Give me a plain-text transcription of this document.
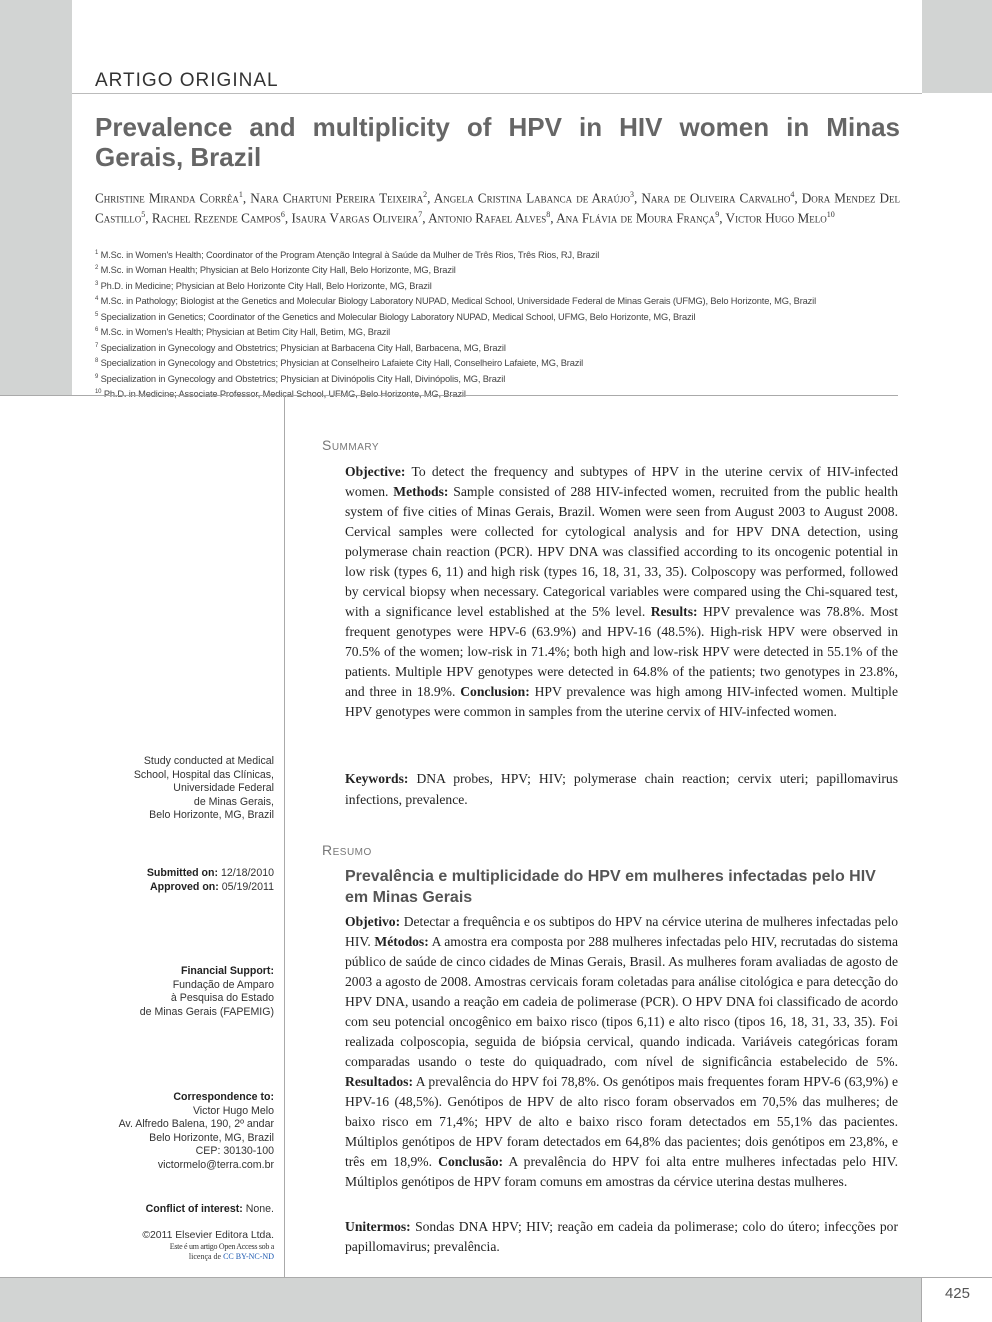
ARTIGO ORIGINAL
Prevalence and multiplicity of HPV in HIV women in Minas Gerais, Brazil
Christine Miranda Corrêa$^1$, Nara Chartuni Pereira Teixeira$^2$, Angela Cristina Labanca de Araújo$^3$, Nara de Oliveira Carvalho$^4$, Dora Mendez Del Castillo$^5$, Rachel Rezende Campos$^6$, Isaura Vargas Oliveira$^7$, Antonio Rafael Alves$^8$, Ana Flávia de Moura França$^9$, Victor Hugo Melo$^{10}$
$^1$ M.Sc. in Women's Health; Coordinator of the Program Atenção Integral à Saúde da Mulher de Três Rios, Três Rios, RJ, Brazil
$^2$ M.Sc. in Woman Health; Physician at Belo Horizonte City Hall, Belo Horizonte, MG, Brazil
$^3$ Ph.D. in Medicine; Physician at Belo Horizonte City Hall, Belo Horizonte, MG, Brazil
$^4$ M.Sc. in Pathology; Biologist at the Genetics and Molecular Biology Laboratory NUPAD, Medical School, Universidade Federal de Minas Gerais (UFMG), Belo Horizonte, MG, Brazil
$^5$ Specialization in Genetics; Coordinator of the Genetics and Molecular Biology Laboratory NUPAD, Medical School, UFMG, Belo Horizonte, MG, Brazil
$^6$ M.Sc. in Women's Health; Physician at Betim City Hall, Betim, MG, Brazil
$^7$ Specialization in Gynecology and Obstetrics; Physician at Barbacena City Hall, Barbacena, MG, Brazil
$^8$ Specialization in Gynecology and Obstetrics; Physician at Conselheiro Lafaiete City Hall, Conselheiro Lafaiete, MG, Brazil
$^9$ Specialization in Gynecology and Obstetrics; Physician at Divinópolis City Hall, Divinópolis, MG, Brazil
$^{10}$ Ph.D. in Medicine; Associate Professor, Medical School, UFMG, Belo Horizonte, MG, Brazil
Study conducted at Medical
School, Hospital das Clínicas,
Universidade Federal
de Minas Gerais,
Belo Horizonte, MG, Brazil
Submitted on: 12/18/2010
Approved on: 05/19/2011
Financial Support:
Fundação de Amparo
à Pesquisa do Estado
de Minas Gerais (FAPEMIG)
Correspondence to:
Victor Hugo Melo
Av. Alfredo Balena, 190, 2º andar
Belo Horizonte, MG, Brazil
CEP: 30130-100
victormelo@terra.com.br
Conflict of interest: None.
©2011 Elsevier Editora Ltda.
Este é um artigo Open Access sob a
licença de CC BY-NC-ND
Summary
Objective: To detect the frequency and subtypes of HPV in the uterine cervix of HIV-infected women. Methods: Sample consisted of 288 HIV-infected women, recruited from the public health system of five cities of Minas Gerais, Brazil. Women were seen from August 2003 to August 2008. Cervical samples were collected for cytological analysis and for HPV DNA detection, using polymerase chain reaction (PCR). HPV DNA was classified according to its oncogenic potential in low risk (types 6, 11) and high risk (types 16, 18, 31, 33, 35). Colposcopy was performed, followed by cervical biopsy when necessary. Categorical variables were compared using the Chi-squared test, with a significance level established at the 5% level. Results: HPV prevalence was 78.8%. Most frequent genotypes were HPV-6 (63.9%) and HPV-16 (48.5%). High-risk HPV were observed in 70.5% of the women; low-risk in 71.4%; both high and low-risk HPV were detected in 55.1% of the patients. Multiple HPV genotypes were detected in 64.8% of the patients; two genotypes in 23.8%, and three in 18.9%. Conclusion: HPV prevalence was high among HIV-infected women. Multiple HPV genotypes were common in samples from the uterine cervix of HIV-infected women.
Keywords: DNA probes, HPV; HIV; polymerase chain reaction; cervix uteri; papillomavirus infections, prevalence.
Resumo
Prevalência e multiplicidade do HPV em mulheres infectadas pelo HIV em Minas Gerais
Objetivo: Detectar a frequência e os subtipos do HPV na cérvice uterina de mulheres infectadas pelo HIV. Métodos: A amostra era composta por 288 mulheres infectadas pelo HIV, recrutadas do sistema público de saúde de cinco cidades de Minas Gerais, Brasil. As mulheres foram avaliadas de agosto de 2003 a agosto de 2008. Amostras cervicais foram coletadas para análise citológica e para detecção do HPV DNA, usando a reação em cadeia de polimerase (PCR). O HPV DNA foi classificado de acordo com seu potencial oncogênico em baixo risco (tipos 6,11) e alto risco (tipos 16, 18, 31, 33, 35). Foi realizada colposcopia, seguida de biópsia cervical, quando indicada. Variáveis categóricas foram comparadas usando o teste do quiquadrado, com nível de significância estabelecido de 5%. Resultados: A prevalência do HPV foi 78,8%. Os genótipos mais frequentes foram HPV-6 (63,9%) e HPV-16 (48,5%). Genótipos de HPV de alto risco foram observados em 70,5% das mulheres; de baixo risco em 71,4%; HPV de alto e baixo risco foram detectados em 55,1% das pacientes. Múltiplos genótipos de HPV foram detectados em 64,8% das pacientes; dois genótipos em 23,8%, e três em 18,9%. Conclusão: A prevalência do HPV foi alta entre mulheres infectadas pelo HIV. Múltiplos genótipos de HPV foram comuns em amostras da cérvice uterina destas mulheres.
Unitermos: Sondas DNA HPV; HIV; reação em cadeia da polimerase; colo do útero; infecções por papillomavirus; prevalência.
425
